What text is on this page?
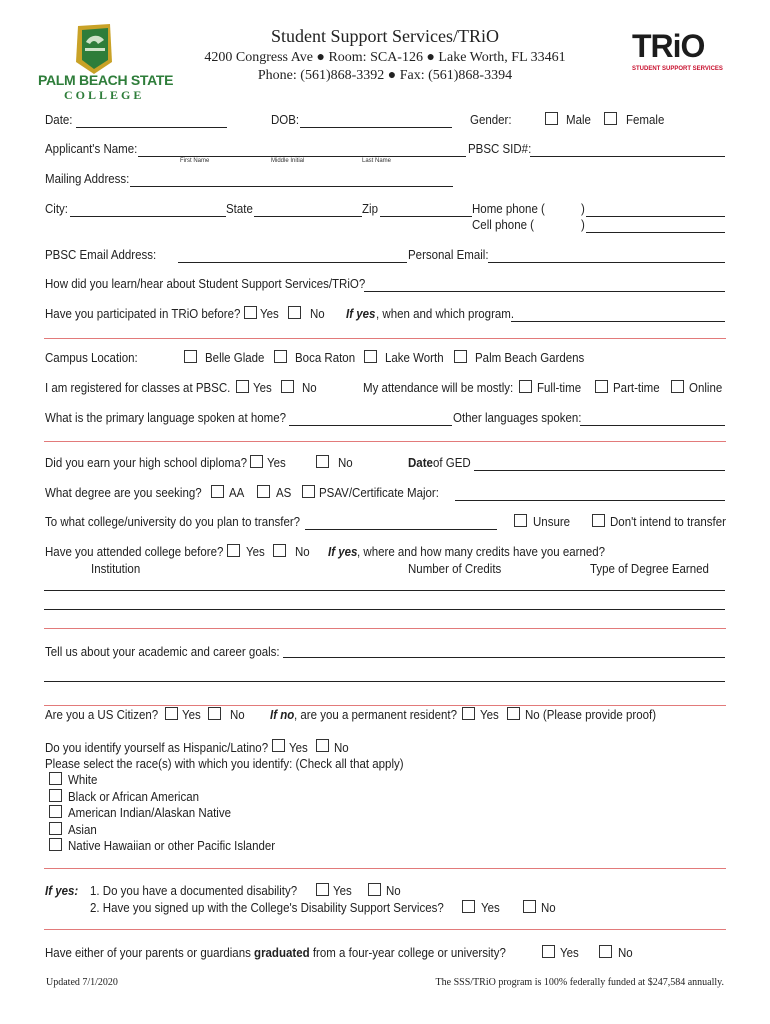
PALM BEACH STATE
COLLEGE
Student Support Services/TRiO
4200 Congress Ave ● Room: SCA-126 ● Lake Worth, FL 33461
Phone: (561)868-3392 ● Fax: (561)868-3394
TRiO
STUDENT SUPPORT SERVICES
Date:	DOB:	Gender:	Male	Female
Applicant's Name:
First Name	Middle Initial	Last Name
PBSC SID#:
Mailing Address:
City:	State	Zip	Home phone (	)
Cell phone (	)
PBSC Email Address:	Personal Email:
How did you learn/hear about Student Support Services/TRiO?
Have you participated in TRiO before? Yes No If yes , when and which program.
Campus Location:	Belle Glade Boca Raton Lake Worth	Palm Beach Gardens
I am registered for classes at PBSC. Yes No	My attendance will be mostly: Full-time	Part-time Online
What is the primary language spoken at home?	Other languages spoken:
Did you earn your high school diploma? Yes	No	Date of GED
What degree are you seeking? AA	AS PSAV/Certificate Major:
To what college/university do you plan to transfer?	Unsure	Don't intend to transfer
Have you attended college before? Yes No If yes , where and how many credits have you earned?
Institution	Number of Credits	Type of Degree Earned
Tell us about your academic and career goals:
Are you a US Citizen? Yes No If no , are you a permanent resident? Yes No (Please provide proof)
Do you identify yourself as Hispanic/Latino? Yes No
Please select the race(s) with which you identify: (Check all that apply)
White
Black or African American
American Indian/Alaskan Native
Asian
Native Hawaiian or other Pacific Islander
If yes: 1. Do you have a documented disability?	Yes	No
2. Have you signed up with the College's Disability Support Services?	Yes	No
Have either of your parents or guardians graduated from a four-year college or university?	Yes	No
Updated 7/1/2020	The SSS/TRiO program is 100% federally funded at $247,584 annually.
